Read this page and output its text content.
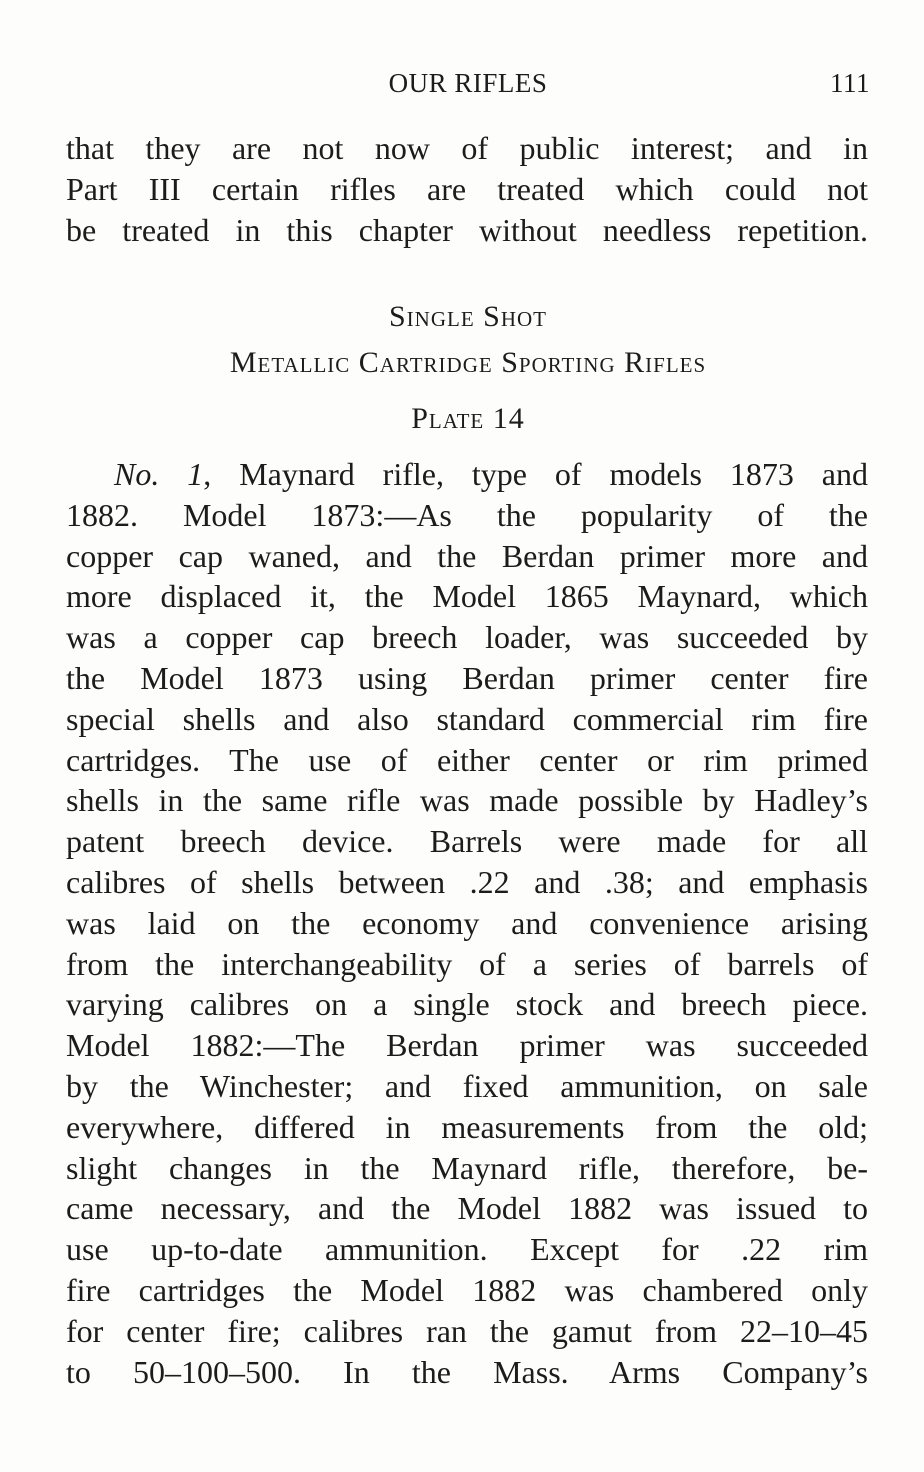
OUR RIFLES	111
that they are not now of public interest; and in
Part III certain rifles are treated which could not
be treated in this chapter without needless repetition.
Single Shot
Metallic Cartridge Sporting Rifles
Plate 14
No. 1, Maynard rifle, type of models 1873 and
1882. Model 1873:—As the popularity of the
copper cap waned, and the Berdan primer more and
more displaced it, the Model 1865 Maynard, which
was a copper cap breech loader, was succeeded by
the Model 1873 using Berdan primer center fire
special shells and also standard commercial rim fire
cartridges. The use of either center or rim primed
shells in the same rifle was made possible by Hadley’s
patent breech device. Barrels were made for all
calibres of shells between .22 and .38; and emphasis
was laid on the economy and convenience arising
from the interchangeability of a series of barrels of
varying calibres on a single stock and breech piece.
Model 1882:—The Berdan primer was succeeded
by the Winchester; and fixed ammunition, on sale
everywhere, differed in measurements from the old;
slight changes in the Maynard rifle, therefore, be-
came necessary, and the Model 1882 was issued to
use up-to-date ammunition. Except for .22 rim
fire cartridges the Model 1882 was chambered only
for center fire; calibres ran the gamut from 22–10–45
to 50–100–500. In the Mass. Arms Company’s
